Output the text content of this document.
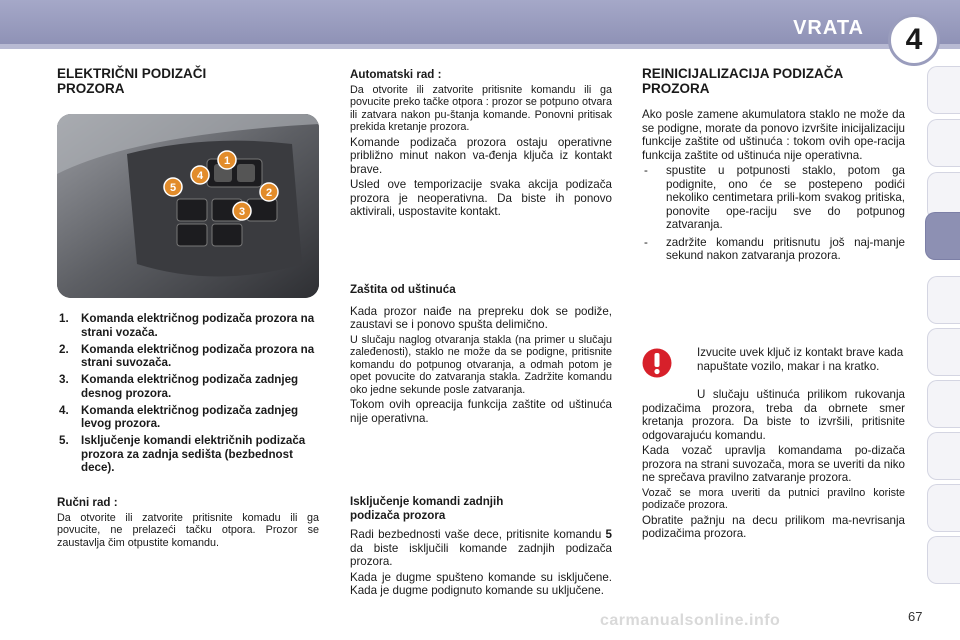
VRATA 4
ELEKTRIČNI PODIZAČI
PROZORA
1
2
3
4
5
1. Komanda električnog podizača prozora na strani vozača.
2. Komanda električnog podizača prozora na strani suvozača.
3. Komanda električnog podizača zadnjeg desnog prozora.
4. Komanda električnog podizača zadnjeg levog prozora.
5. Isključenje komandi električnih podizača prozora za zadnja sedišta (bezbednost dece).

Ručni rad :

Da otvorite ili zatvorite pritisnite komadu ili ga povucite, ne prelazeći tačku otpora. Prozor se zaustavlja čim otpustite komandu.

Automatski rad :

Da otvorite ili zatvorite pritisnite komandu ili ga povucite preko tačke otpora : prozor se potpuno otvara ili zatvara nakon pu-štanja komande. Ponovni pritisak prekida kretanje prozora.

Komande podizača prozora ostaju operativne približno minut nakon va-đenja ključa iz kontakt brave.

Usled ove temporizacije svaka akcija podizača prozora je neoperativna. Da biste ih ponovo aktivirali, uspostavite kontakt.

Zaštita od uštinuća

Kada prozor naiđe na prepreku dok se podiže, zaustavi se i ponovo spušta delimično.

U slučaju naglog otvaranja stakla (na primer u slučaju zaleđenosti), staklo ne može da se podigne, pritisnite komandu do potpunog otvaranja, a odmah potom je opet povucite do zatvaranja stakla. Zadržite komandu oko jedne sekunde posle zatvaranja.

Tokom ovih opreacija funkcija zaštite od uštinuća nije operativna.

Isključenje komandi zadnjih
podizača prozora

Radi bezbednosti vaše dece, pritisnite komandu 5 da biste isključili komande zadnjih podizača prozora.

Kada je dugme spušteno komande su isključene. Kada je dugme podignuto komande su uključene.

REINICIJALIZACIJA PODIZAČA
PROZORA

Ako posle zamene akumulatora staklo ne može da se podigne, morate da ponovo izvršite inicijalizaciju funkcije zaštite od uštinuća : tokom ovih ope-racija funkcija zaštite od uštinuća nije operativna.

- spustite u potpunosti staklo, potom ga podignite, ono će se postepeno podići nekoliko centimetara prili-kom svakog pritiska, ponovite ope-raciju sve do potpunog zatvaranja.

- zadržite komandu pritisnutu još naj-manje sekund nakon zatvaranja prozora.

Izvucite uvek ključ iz kontakt brave kada napuštate vozilo, makar i na kratko.

U slučaju uštinuća prilikom rukovanja podizačima prozora, treba da obrnete smer kretanja prozora. Da biste to izvršili, pritisnite odgovarajuću komandu.

Kada vozač upravlja komandama po-dizača prozora na strani suvozača, mora se uveriti da niko ne sprečava pravilno zatvaranje prozora.

Vozač se mora uveriti da putnici pravilno koriste podizače prozora.

Obratite pažnju na decu prilikom ma-nevrisanja podizačima prozora.

carmanualsonline.info	67
